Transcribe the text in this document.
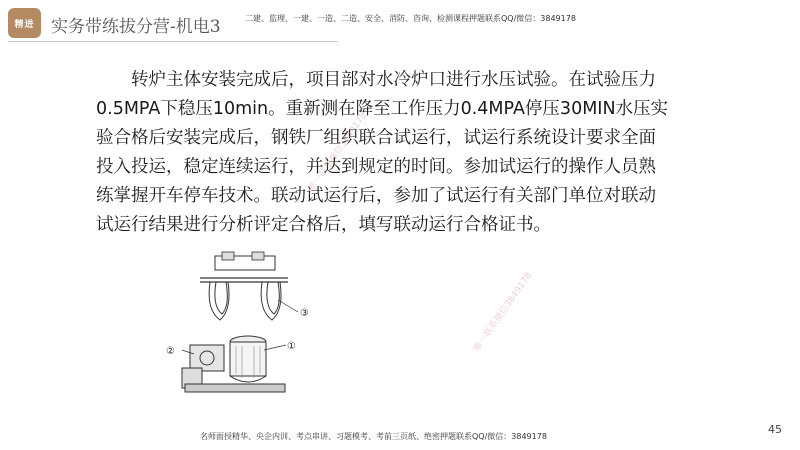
精进 实务带练拔分营-机电3	二建、监理、一建、一造、二造、安全、消防、咨询、检测课程押题联系QQ/微信：3849178

转炉主体安装完成后，项目部对水冷炉口进行水压试验。在试验压力0.5MPA下稳压10min。重新测在降至工作压力0.4MPA停压30MIN水压实验合格后安装完成后，钢铁厂组织联合试运行，试运行系统设计要求全面投入投运，稳定连续运行，并达到规定的时间。参加试运行的操作人员熟练掌握开车停车技术。联动试运行后，参加了试运行有关部门单位对联动试运行结果进行分析评定合格后，填写联动运行合格证书。

唯一联系微信3849178
唯一联系微信3849178
③
①
②
45
名师面授精华、央企内训、考点串讲、习题模考、考前三页纸、绝密押题联系QQ/微信：3849178
